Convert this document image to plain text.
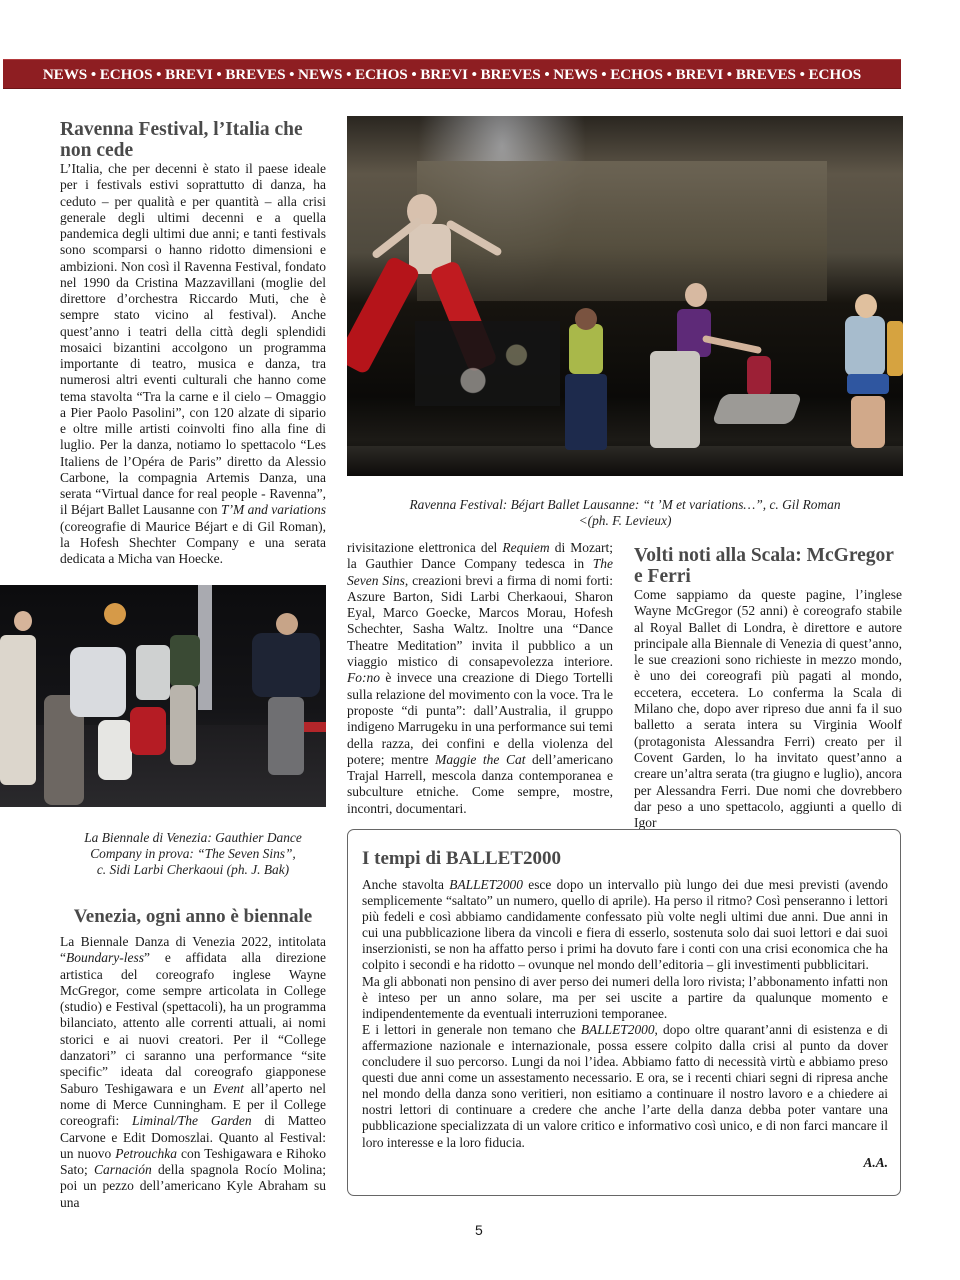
NEWS • ECHOS • BREVI • BREVES • NEWS • ECHOS • BREVI • BREVES • NEWS • ECHOS • BREVI • BREVES • ECHOS
Ravenna Festival, l’Italia che non cede
L’Italia, che per decenni è stato il paese ideale per i festivals estivi soprattutto di danza, ha ceduto – per qualità e per quantità – alla crisi generale degli ultimi decenni e a quella pandemica degli ultimi due anni; e tanti festivals sono scomparsi o hanno ridotto dimensioni e ambizioni. Non così il Ravenna Festival, fondato nel 1990 da Cristina Mazzavillani (moglie del direttore d’orchestra Riccardo Muti, che è sempre stato vicino al festival). Anche quest’anno i teatri della città degli splendidi mosaici bizantini accolgono un programma importante di teatro, musica e danza, tra numerosi altri eventi culturali che hanno come tema stavolta “Tra la carne e il cielo – Omaggio a Pier Paolo Pasolini”, con 120 alzate di sipario e oltre mille artisti coinvolti fino alla fine di luglio. Per la danza, notiamo lo spettacolo “Les Italiens de l’Opéra de Paris” diretto da Alessio Carbone, la compagnia Artemis Danza, una serata “Virtual dance for real people - Ravenna”, il Béjart Ballet Lausanne con T’M and variations (coreografie di Maurice Béjart e di Gil Roman), la Hofesh Shechter Company e una serata dedicata a Micha van Hoecke.
Ravenna Festival: Béjart Ballet Lausanne: “t ’M et variations…”, c. Gil Roman
<(ph. F. Levieux)
rivisitazione elettronica del Requiem di Mozart; la Gauthier Dance Company tedesca in The Seven Sins, creazioni brevi a firma di nomi forti: Aszure Barton, Sidi Larbi Cherkaoui, Sharon Eyal, Marco Goecke, Marcos Morau, Hofesh Schechter, Sasha Waltz. Inoltre una “Dance Theatre Meditation” invita il pubblico a un viaggio mistico di consapevolezza interiore. Fo:no è invece una creazione di Diego Tortelli sulla relazione del movimento con la voce. Tra le proposte “di punta”: dall’Australia, il gruppo indigeno Marrugeku in una performance sui temi della razza, dei confini e della violenza del potere; mentre Maggie the Cat dell’americano Trajal Harrell, mescola danza contemporanea e subculture etniche. Come sempre, mostre, incontri, documentari.
Volti noti alla Scala: McGregor e Ferri
Come sappiamo da queste pagine, l’inglese Wayne McGregor (52 anni) è coreografo stabile al Royal Ballet di Londra, è direttore e autore principale alla Biennale di Venezia di quest’anno, le sue creazioni sono richieste in mezzo mondo, è uno dei coreografi più pagati al mondo, eccetera, eccetera. Lo conferma la Scala di Milano che, dopo aver ripreso due anni fa il suo balletto a serata intera su Virginia Woolf (protagonista Alessandra Ferri) creato per il Covent Garden, lo ha invitato quest’anno a creare un’altra serata (tra giugno e luglio), ancora per Alessandra Ferri. Due nomi che dovrebbero dar peso a uno spettacolo, aggiunti a quello di Igor
La Biennale di Venezia: Gauthier Dance
Company in prova: “The Seven Sins”,
c. Sidi Larbi Cherkaoui (ph. J. Bak)
Venezia, ogni anno è biennale
La Biennale Danza di Venezia 2022, intitolata “Boundary-less” e affidata alla direzione artistica del coreografo inglese Wayne McGregor, come sempre articolata in College (studio) e Festival (spettacoli), ha un programma bilanciato, attento alle correnti attuali, ai nomi storici e ai nuovi creatori. Per il “College danzatori” ci saranno una performance “site specific” ideata dal coreografo giapponese Saburo Teshigawara e un Event all’aperto nel nome di Merce Cunningham. E per il College coreografi: Liminal/The Garden di Matteo Carvone e Edit Domoszlai. Quanto al Festival: un nuovo Petrouchka con Teshigawara e Rihoko Sato; Carnación della spagnola Rocío Molina; poi un pezzo dell’americano Kyle Abraham su una
I tempi di BALLET2000

Anche stavolta BALLET2000 esce dopo un intervallo più lungo dei due mesi previsti (avendo semplicemente “saltato” un numero, quello di aprile). Ha perso il ritmo? Così penseranno i lettori più fedeli e così abbiamo candidamente confessato più volte negli ultimi due anni. Due anni in cui una pubblicazione libera da vincoli e fiera di esserlo, sostenuta solo dai suoi lettori e dai suoi inserzionisti, se non ha affatto perso i primi ha dovuto fare i conti con una crisi economica che ha colpito i secondi e ha ridotto – ovunque nel mondo dell’editoria – gli investimenti pubblicitari.

Ma gli abbonati non pensino di aver perso dei numeri della loro rivista; l’abbonamento infatti non è inteso per un anno solare, ma per sei uscite a partire da qualunque momento e indipendentemente da eventuali interruzioni temporanee.

E i lettori in generale non temano che BALLET2000, dopo oltre quarant’anni di esistenza e di affermazione nazionale e internazionale, possa essere colpito dalla crisi al punto da dover concludere il suo percorso. Lungi da noi l’idea. Abbiamo fatto di necessità virtù e abbiamo preso questi due anni come un assestamento necessario. E ora, se i recenti chiari segni di ripresa anche nel mondo della danza sono veritieri, non esitiamo a continuare il nostro lavoro e a chiedere ai nostri lettori di continuare a credere che anche l’arte della danza debba poter vantare una pubblicazione specializzata di un valore critico e informativo così unico, e di non farci mancare il loro interesse e la loro fiducia.

A.A.
5
